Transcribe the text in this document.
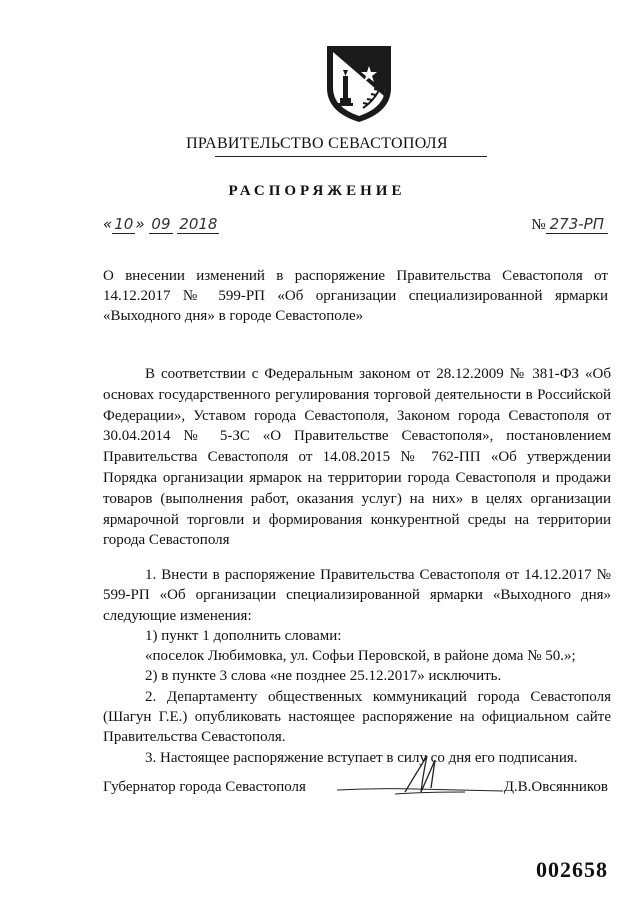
ПРАВИТЕЛЬСТВО СЕВАСТОПОЛЯ
РАСПОРЯЖЕНИЕ
« 10 » 09 2018	№ 273-РП
О внесении изменений в распоряжение Правительства Севастополя от 14.12.2017 № 599-РП «Об организации специализированной ярмарки «Выходного дня» в городе Севастополе»
В соответствии с Федеральным законом от 28.12.2009 № 381-ФЗ «Об основах государственного регулирования торговой деятельности в Российской Федерации», Уставом города Севастополя, Законом города Севастополя от 30.04.2014 № 5-ЗС «О Правительстве Севастополя», постановлением Правительства Севастополя от 14.08.2015 № 762-ПП «Об утверждении Порядка организации ярмарок на территории города Севастополя и продажи товаров (выполнения работ, оказания услуг) на них» в целях организации ярмарочной торговли и формирования конкурентной среды на территории города Севастополя

1. Внести в распоряжение Правительства Севастополя от 14.12.2017 № 599-РП «Об организации специализированной ярмарки «Выходного дня» следующие изменения:

1) пункт 1 дополнить словами:

«поселок Любимовка, ул. Софьи Перовской, в районе дома № 50.»;

2) в пункте 3 слова «не позднее 25.12.2017» исключить.

2. Департаменту общественных коммуникаций города Севастополя (Шагун Г.Е.) опубликовать настоящее распоряжение на официальном сайте Правительства Севастополя.

3. Настоящее распоряжение вступает в силу со дня его подписания.

Губернатор города Севастополя	Д.В.Овсянников
002658
